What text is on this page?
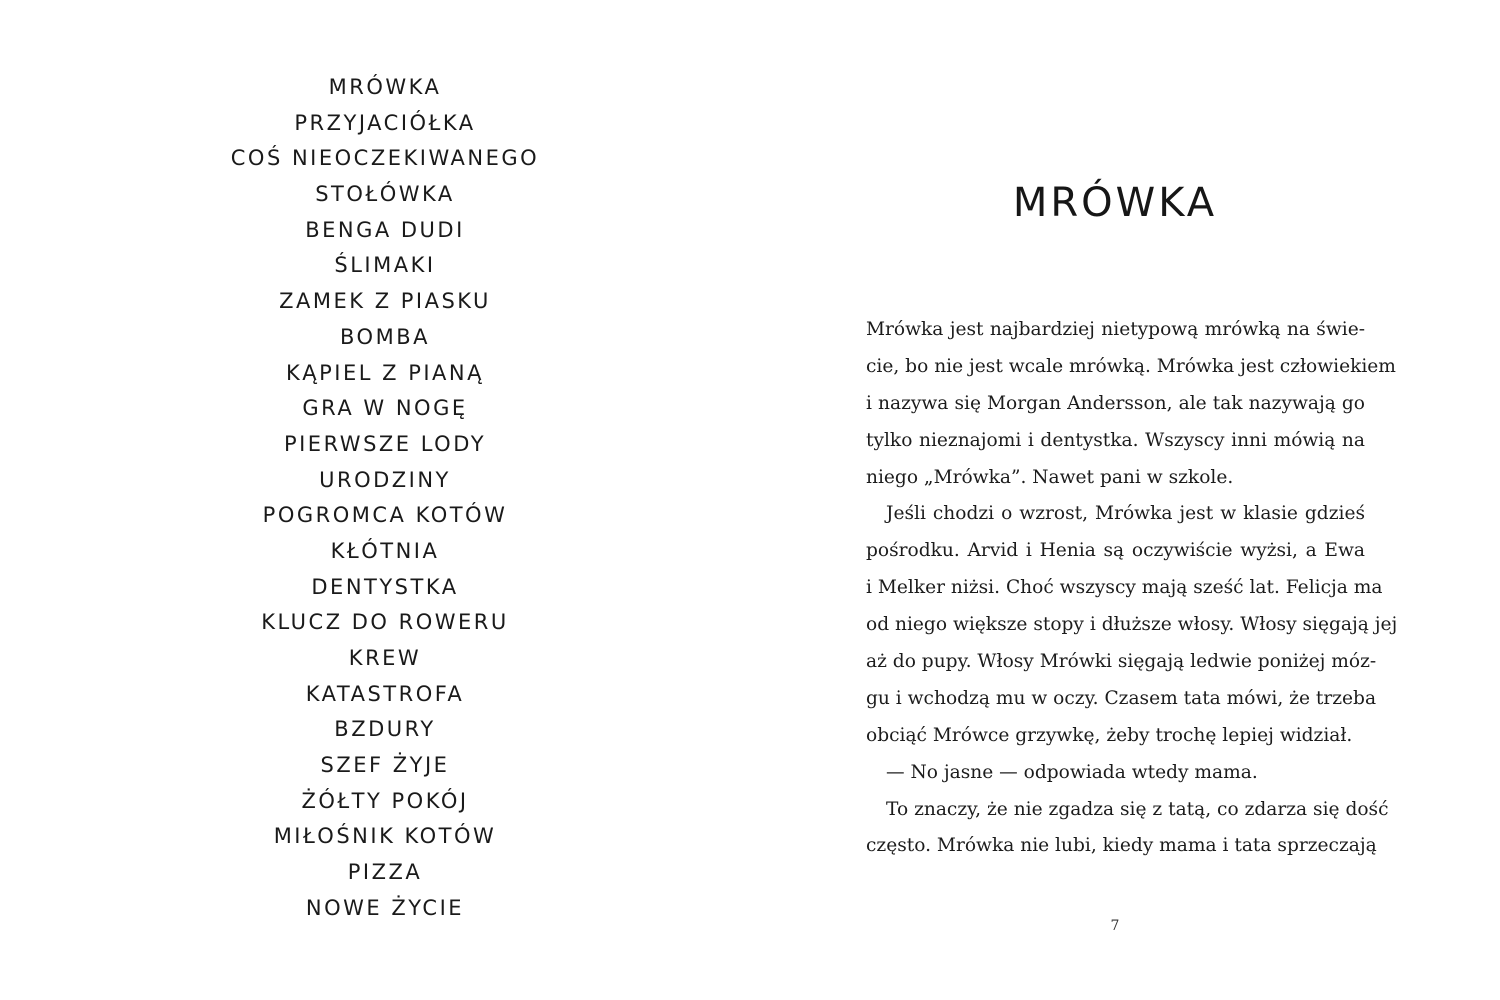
MRÓWKA
PRZYJACIÓŁKA
COŚ NIEOCZEKIWANEGO
STOŁÓWKA
BENGA DUDI
ŚLIMAKI
ZAMEK Z PIASKU
BOMBA
KĄPIEL Z PIANĄ
GRA W NOGĘ
PIERWSZE LODY
URODZINY
POGROMCA KOTÓW
KŁÓTNIA
DENTYSTKA
KLUCZ DO ROWERU
KREW
KATASTROFA
BZDURY
SZEF ŻYJE
ŻÓŁTY POKÓJ
MIŁOŚNIK KOTÓW
PIZZA
NOWE ŻYCIE
MRÓWKA
Mrówka jest najbardziej nietypową mrówką na świe-
cie, bo nie jest wcale mrówką. Mrówka jest człowiekiem
i nazywa się Morgan Andersson, ale tak nazywają go
tylko nieznajomi i dentystka. Wszyscy inni mówią na
niego „Mrówka”. Nawet pani w szkole.
Jeśli chodzi o wzrost, Mrówka jest w klasie gdzieś
pośrodku. Arvid i Henia są oczywiście wyżsi, a Ewa
i Melker niżsi. Choć wszyscy mają sześć lat. Felicja ma
od niego większe stopy i dłuższe włosy. Włosy sięgają jej
aż do pupy. Włosy Mrówki sięgają ledwie poniżej móz-
gu i wchodzą mu w oczy. Czasem tata mówi, że trzeba
obciąć Mrówce grzywkę, żeby trochę lepiej widział.
— No jasne — odpowiada wtedy mama.
To znaczy, że nie zgadza się z tatą, co zdarza się dość
często. Mrówka nie lubi, kiedy mama i tata sprzeczają
7
